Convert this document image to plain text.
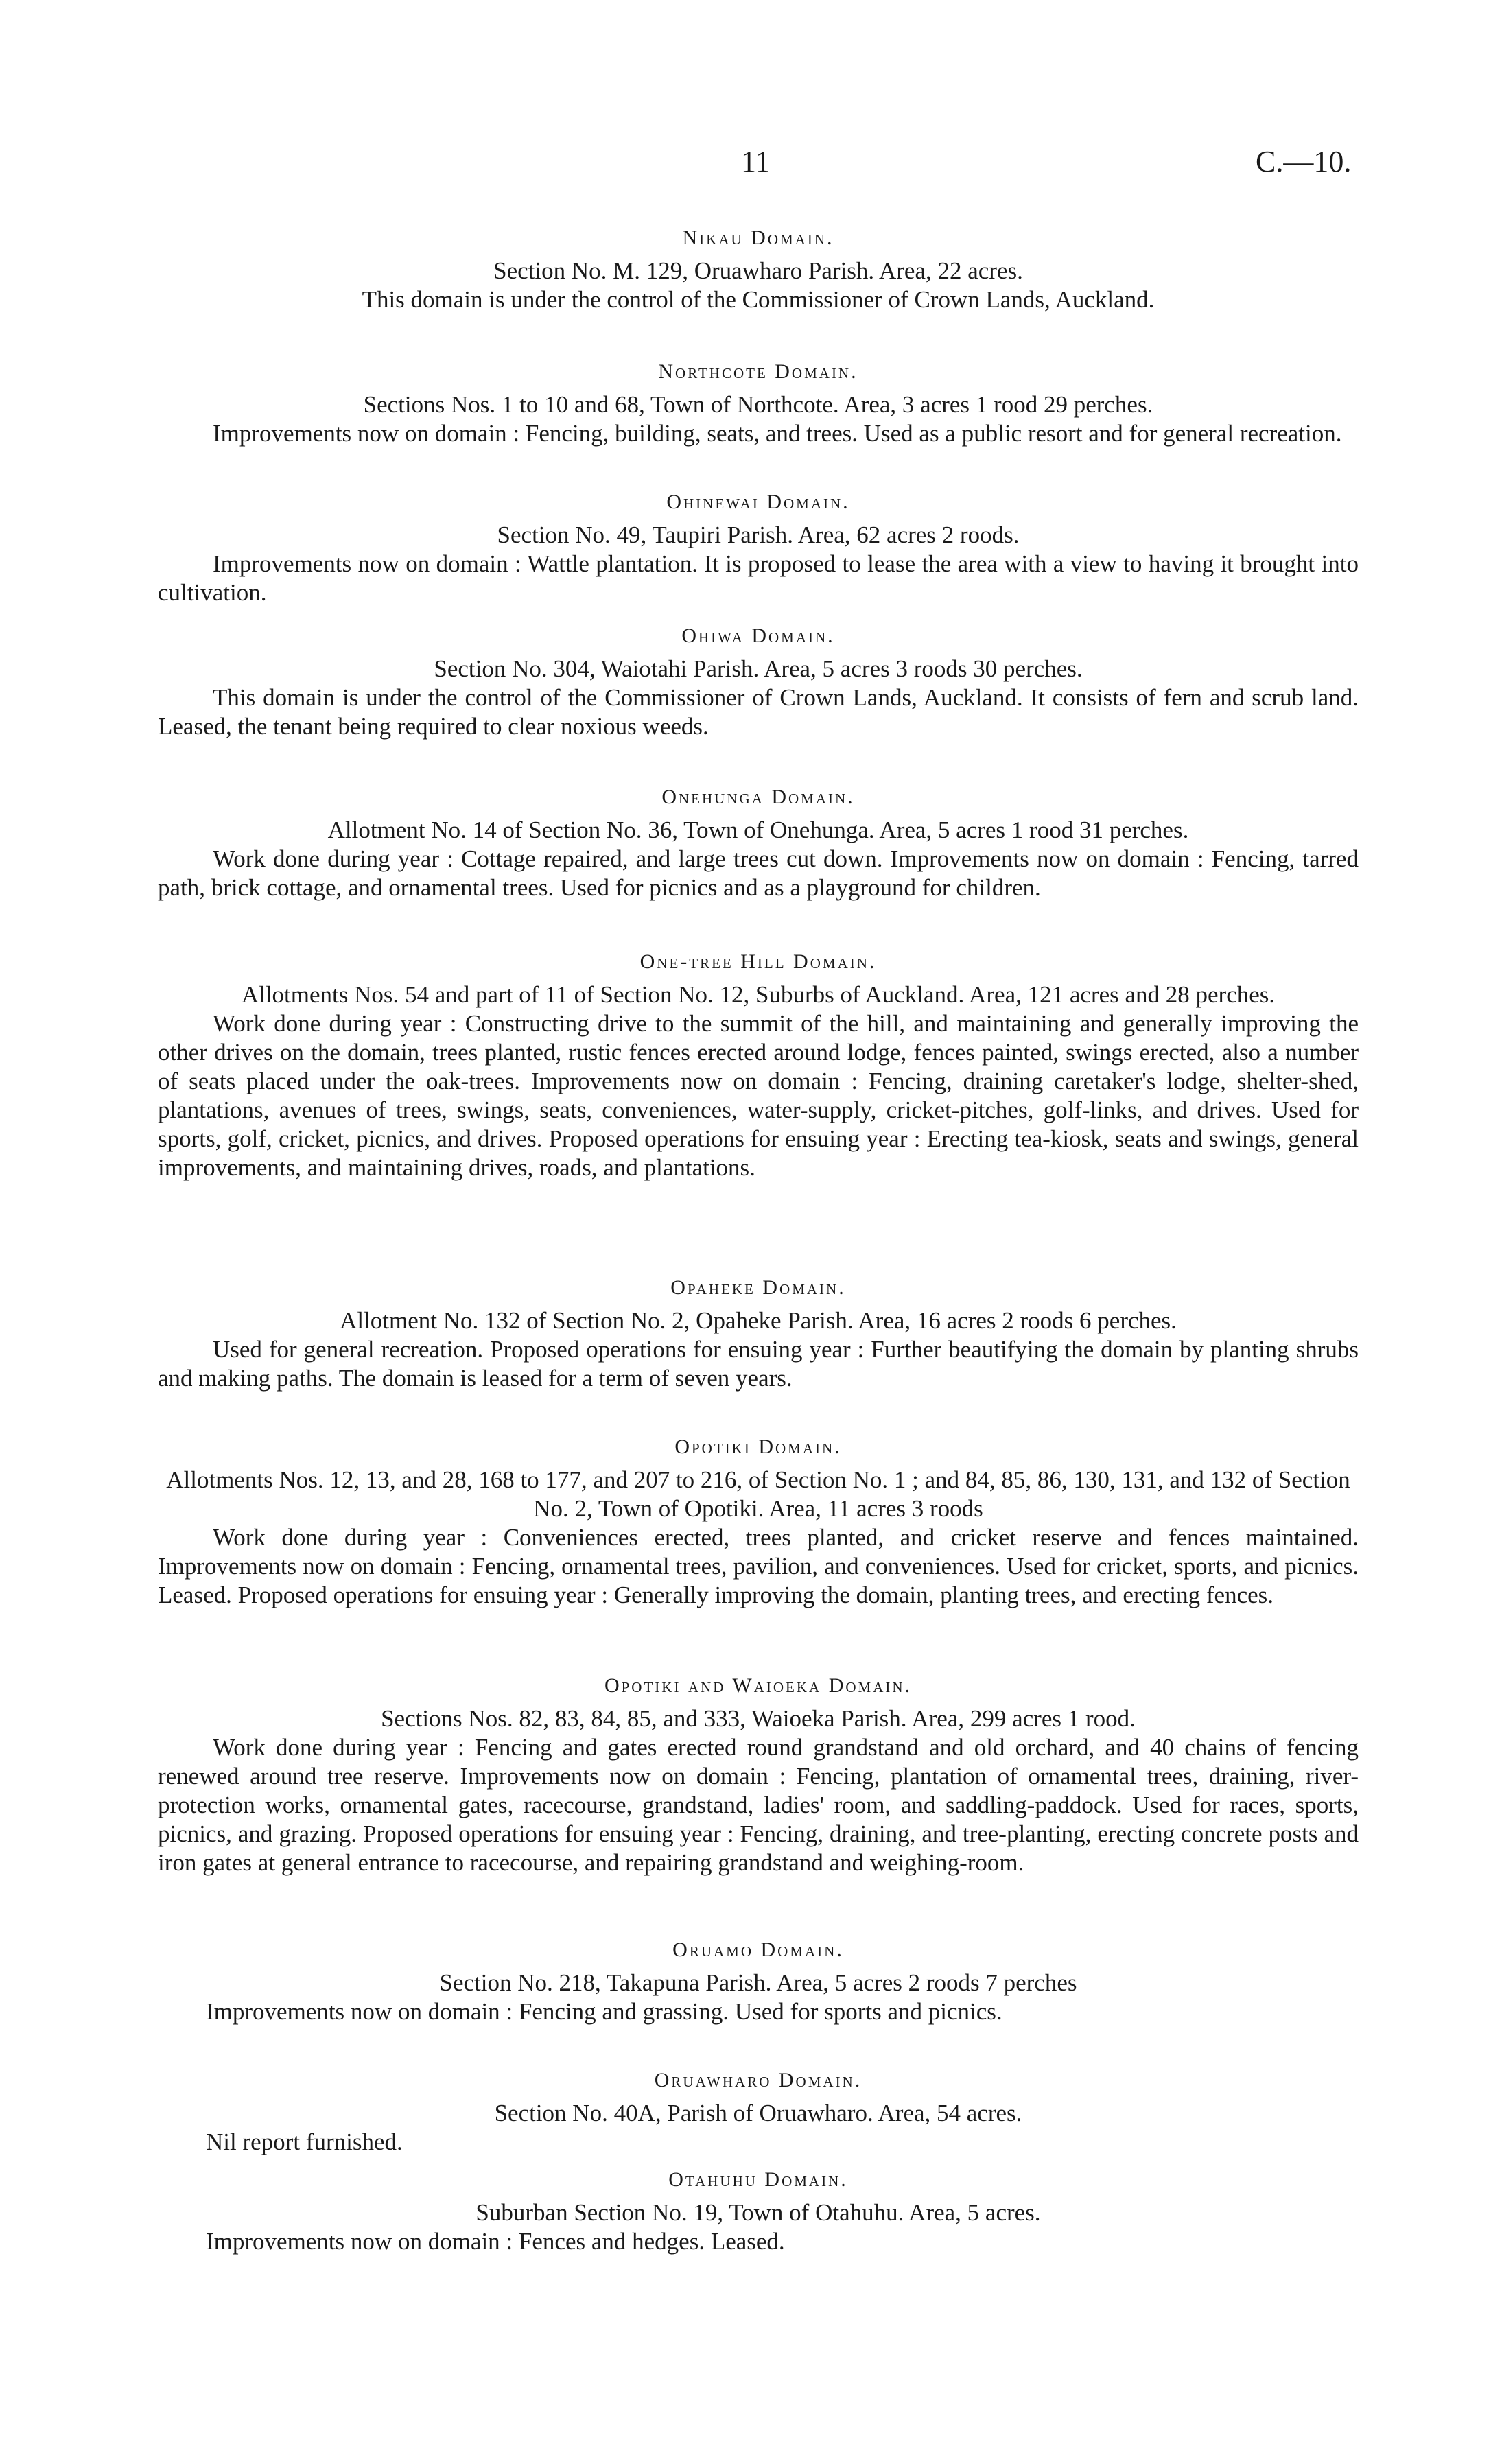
11	C.—10.
Nikau Domain.

Section No. M. 129, Oruawharo Parish. Area, 22 acres.

This domain is under the control of the Commissioner of Crown Lands, Auckland.

Northcote Domain.

Sections Nos. 1 to 10 and 68, Town of Northcote. Area, 3 acres 1 rood 29 perches.

Improvements now on domain : Fencing, building, seats, and trees. Used as a public resort and for general recreation.

Ohinewai Domain.

Section No. 49, Taupiri Parish. Area, 62 acres 2 roods.

Improvements now on domain : Wattle plantation. It is proposed to lease the area with a view to having it brought into cultivation.

Ohiwa Domain.

Section No. 304, Waiotahi Parish. Area, 5 acres 3 roods 30 perches.

This domain is under the control of the Commissioner of Crown Lands, Auckland. It consists of fern and scrub land. Leased, the tenant being required to clear noxious weeds.

Onehunga Domain.

Allotment No. 14 of Section No. 36, Town of Onehunga. Area, 5 acres 1 rood 31 perches.

Work done during year : Cottage repaired, and large trees cut down. Improvements now on domain : Fencing, tarred path, brick cottage, and ornamental trees. Used for picnics and as a playground for children.

One-tree Hill Domain.

Allotments Nos. 54 and part of 11 of Section No. 12, Suburbs of Auckland. Area, 121 acres and 28 perches.

Work done during year : Constructing drive to the summit of the hill, and maintaining and generally improving the other drives on the domain, trees planted, rustic fences erected around lodge, fences painted, swings erected, also a number of seats placed under the oak-trees. Improvements now on domain : Fencing, draining caretaker's lodge, shelter-shed, plantations, avenues of trees, swings, seats, conveniences, water-supply, cricket-pitches, golf-links, and drives. Used for sports, golf, cricket, picnics, and drives. Proposed operations for ensuing year : Erecting tea-kiosk, seats and swings, general improvements, and maintaining drives, roads, and plantations.

Opaheke Domain.

Allotment No. 132 of Section No. 2, Opaheke Parish. Area, 16 acres 2 roods 6 perches.

Used for general recreation. Proposed operations for ensuing year : Further beautifying the domain by planting shrubs and making paths. The domain is leased for a term of seven years.

Opotiki Domain.

Allotments Nos. 12, 13, and 28, 168 to 177, and 207 to 216, of Section No. 1 ; and 84, 85, 86, 130, 131, and 132 of Section No. 2, Town of Opotiki. Area, 11 acres 3 roods

Work done during year : Conveniences erected, trees planted, and cricket reserve and fences maintained. Improvements now on domain : Fencing, ornamental trees, pavilion, and conveniences. Used for cricket, sports, and picnics. Leased. Proposed operations for ensuing year : Generally improving the domain, planting trees, and erecting fences.

Opotiki and Waioeka Domain.

Sections Nos. 82, 83, 84, 85, and 333, Waioeka Parish. Area, 299 acres 1 rood.

Work done during year : Fencing and gates erected round grandstand and old orchard, and 40 chains of fencing renewed around tree reserve. Improvements now on domain : Fencing, plantation of ornamental trees, draining, river-protection works, ornamental gates, racecourse, grandstand, ladies' room, and saddling-paddock. Used for races, sports, picnics, and grazing. Proposed operations for ensuing year : Fencing, draining, and tree-planting, erecting concrete posts and iron gates at general entrance to racecourse, and repairing grandstand and weighing-room.

Oruamo Domain.

Section No. 218, Takapuna Parish. Area, 5 acres 2 roods 7 perches

Improvements now on domain : Fencing and grassing. Used for sports and picnics.

Oruawharo Domain.

Section No. 40A, Parish of Oruawharo. Area, 54 acres.

Nil report furnished.

Otahuhu Domain.

Suburban Section No. 19, Town of Otahuhu. Area, 5 acres.

Improvements now on domain : Fences and hedges. Leased.
